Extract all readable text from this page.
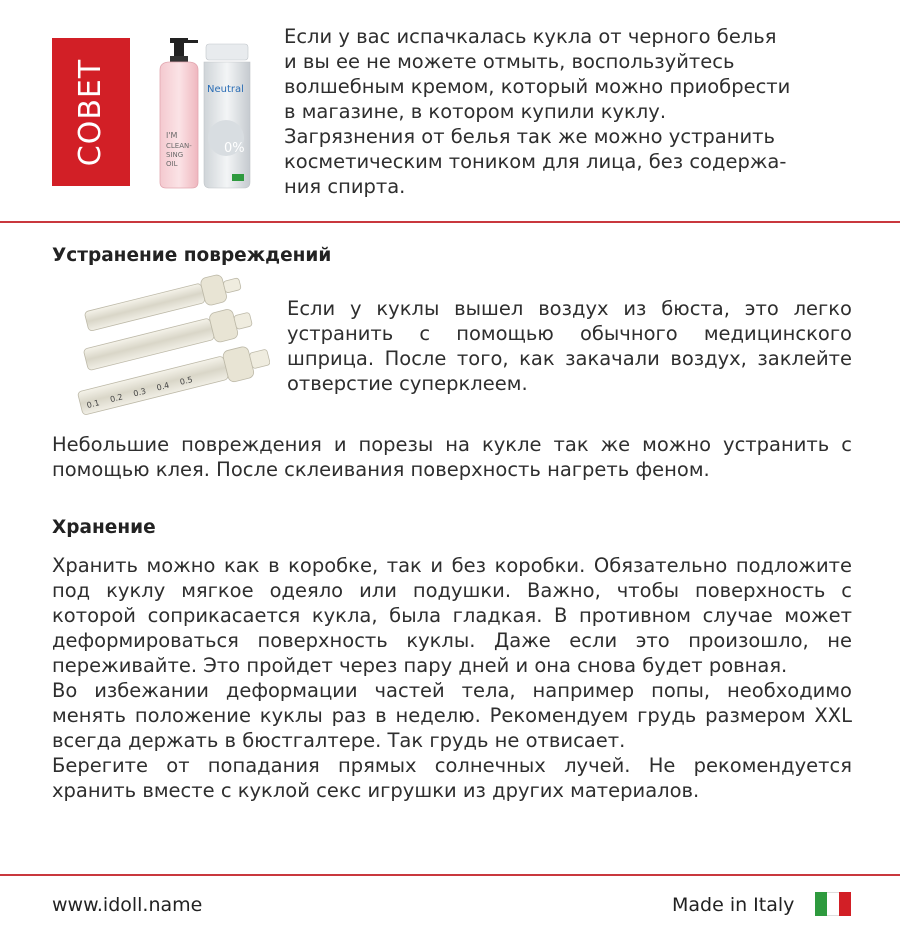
СОВЕТ	I'M
CLEAN-
SING
OIL
Neutral
0%
Если у вас испачкалась кукла от черного белья
и вы ее не можете отмыть, воспользуйтесь
волшебным кремом, который можно приобрести
в магазине, в котором купили куклу.
Загрязнения от белья так же можно устранить
косметическим тоником для лица, без содержа-
ния спирта.
Устранение повреждений
0.1 0.2 0.3 0.4 0.5
Если у куклы вышел воздух из бюста, это легко устранить с помощью обычного медицинского шприца. После того, как закачали воздух, заклейте отверстие суперклеем.
Небольшие повреждения и порезы на кукле так же можно устранить с помощью клея. После склеивания поверхность нагреть феном.
Хранение
Хранить можно как в коробке, так и без коробки. Обязательно подложите под куклу мягкое одеяло или подушки. Важно, чтобы поверхность с которой соприкасается кукла, была гладкая. В противном случае может деформироваться поверхность куклы. Даже если это произошло, не переживайте. Это пройдет через пару дней и она снова будет ровная.
Во избежании деформации частей тела, например попы, необходимо менять положение куклы раз в неделю. Рекомендуем грудь размером XXL всегда держать в бюстгалтере. Так грудь не отвисает.
Берегите от попадания прямых солнечных лучей. Не рекомендуется хранить вместе с куклой секс игрушки из других материалов.
www.idoll.name	Made in Italy
